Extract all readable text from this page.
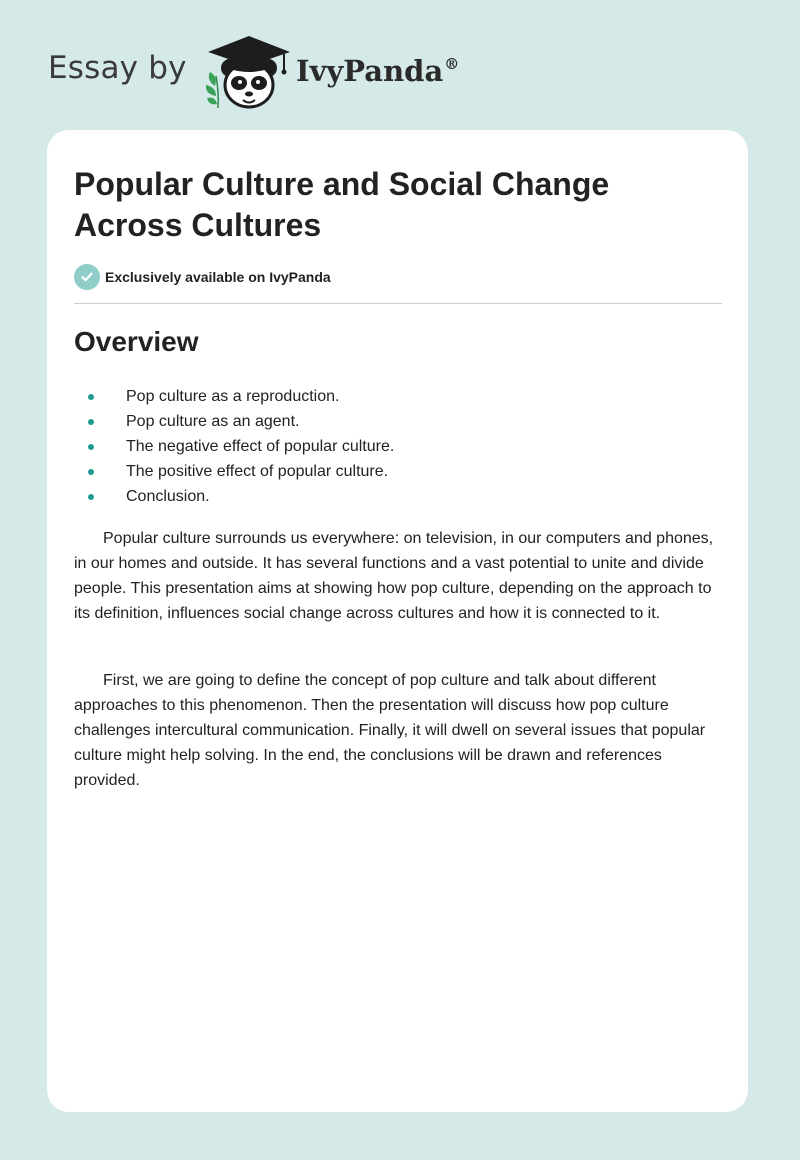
Essay by	IvyPanda®
Popular Culture and Social Change Across Cultures
Exclusively available on IvyPanda
Overview
Pop culture as a reproduction.
Pop culture as an agent.
The negative effect of popular culture.
The positive effect of popular culture.
Conclusion.

Popular culture surrounds us everywhere: on television, in our computers and phones, in our homes and outside. It has several functions and a vast potential to unite and divide people. This presentation aims at showing how pop culture, depending on the approach to its definition, influences social change across cultures and how it is connected to it.

First, we are going to define the concept of pop culture and talk about different approaches to this phenomenon. Then the presentation will discuss how pop culture challenges intercultural communication. Finally, it will dwell on several issues that popular culture might help solving. In the end, the conclusions will be drawn and references provided.
